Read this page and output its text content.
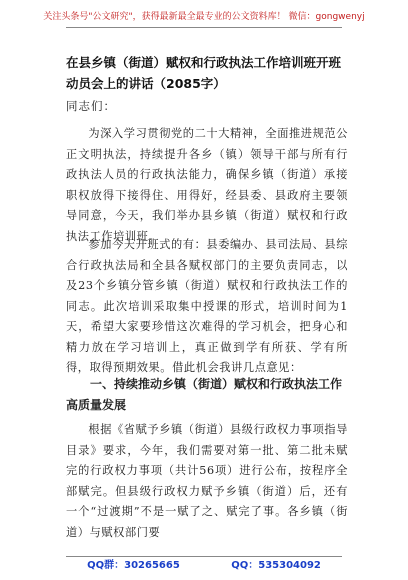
关注头条号"公文研究"，获得最新最全最专业的公文资料库！ 微信：gongwenyj
在县乡镇（街道）赋权和行政执法工作培训班开班动员会上的讲话（2085字）
同志们：

为深入学习贯彻党的二十大精神，全面推进规范公正文明执法，持续提升各乡（镇）领导干部与所有行政执法人员的行政执法能力，确保乡镇（街道）承接职权放得下接得住、用得好，经县委、县政府主要领导同意，今天，我们举办县乡镇（街道）赋权和行政执法工作培训班。

参加今天开班式的有：县委编办、县司法局、县综合行政执法局和全县各赋权部门的主要负责同志，以及23个乡镇分管乡镇（街道）赋权和行政执法工作的同志。此次培训采取集中授课的形式，培训时间为1天，希望大家要珍惜这次难得的学习机会，把身心和精力放在学习培训上，真正做到学有所获、学有所得，取得预期效果。借此机会我讲几点意见：

一、持续推动乡镇（街道）赋权和行政执法工作高质量发展

根据《省赋予乡镇（街道）县级行政权力事项指导目录》要求，今年，我们需要对第一批、第二批未赋完的行政权力事项（共计56项）进行公布，按程序全部赋完。但县级行政权力赋予乡镇（街道）后，还有一个“过渡期”不是一赋了之、赋完了事。各乡镇（街道）与赋权部门要

QQ群：30265665	QQ：535304092
